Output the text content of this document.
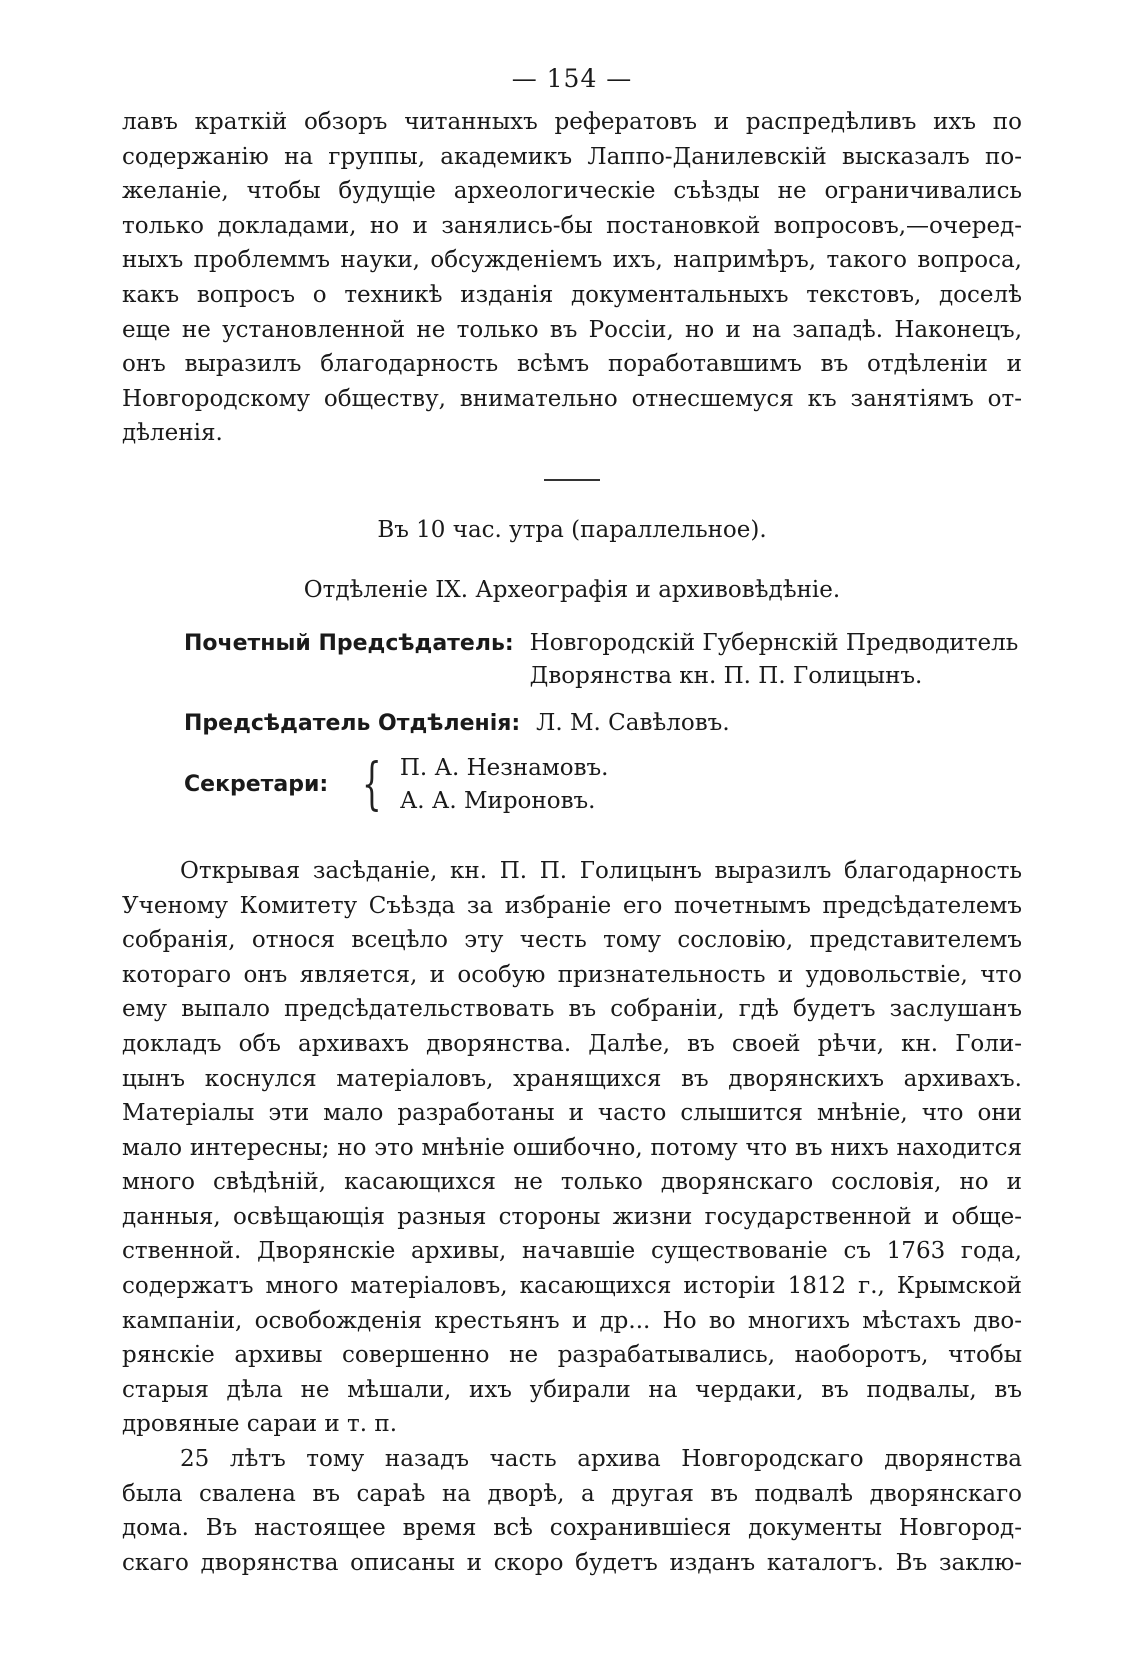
— 154 —

лавъ краткій обзоръ читанныхъ рефератовъ и распредѣливъ ихъ по
содержанію на группы, академикъ Лаппо-Данилевскій высказалъ по-
желаніе, чтобы будущіе археологическіе съѣзды не ограничивались
только докладами, но и занялись-бы постановкой вопросовъ,—очеред-
ныхъ проблеммъ науки, обсужденіемъ ихъ, напримѣръ, такого вопроса,
какъ вопросъ о техникѣ изданія документальныхъ текстовъ, доселѣ
еще не установленной не только въ Россіи, но и на западѣ. Наконецъ,
онъ выразилъ благодарность всѣмъ поработавшимъ въ отдѣленіи и
Новгородскому обществу, внимательно отнесшемуся къ занятіямъ от-
дѣленія.

Въ 10 час. утра (параллельное).
Отдѣленіе IX. Археографія и архивовѣдѣніе.
Почетный Предсѣдатель: Новгородскій Губернскій Предводитель
Дворянства кн. П. П. Голицынъ.
Предсѣдатель Отдѣленія: Л. М. Савѣловъ.
Секретари: { П. А. Незнамовъ.
А. А. Мироновъ.

Открывая засѣданіе, кн. П. П. Голицынъ выразилъ благодарность
Ученому Комитету Съѣзда за избраніе его почетнымъ предсѣдателемъ
собранія, относя всецѣло эту честь тому сословію, представителемъ
котораго онъ является, и особую признательность и удовольствіе, что
ему выпало предсѣдательствовать въ собраніи, гдѣ будетъ заслушанъ
докладъ объ архивахъ дворянства. Далѣе, въ своей рѣчи, кн. Голи-
цынъ коснулся матеріаловъ, хранящихся въ дворянскихъ архивахъ.
Матеріалы эти мало разработаны и часто слышится мнѣніе, что они
мало интересны; но это мнѣніе ошибочно, потому что въ нихъ находится
много свѣдѣній, касающихся не только дворянскаго сословія, но и
данныя, освѣщающія разныя стороны жизни государственной и обще-
ственной. Дворянскіе архивы, начавшіе существованіе съ 1763 года,
содержатъ много матеріаловъ, касающихся исторіи 1812 г., Крымской
кампаніи, освобожденія крестьянъ и др... Но во многихъ мѣстахъ дво-
рянскіе архивы совершенно не разрабатывались, наоборотъ, чтобы
старыя дѣла не мѣшали, ихъ убирали на чердаки, въ подвалы, въ
дровяные сараи и т. п.

25 лѣтъ тому назадъ часть архива Новгородскаго дворянства
была свалена въ сараѣ на дворѣ, а другая въ подвалѣ дворянскаго
дома. Въ настоящее время всѣ сохранившіеся документы Новгород-
скаго дворянства описаны и скоро будетъ изданъ каталогъ. Въ заклю-
